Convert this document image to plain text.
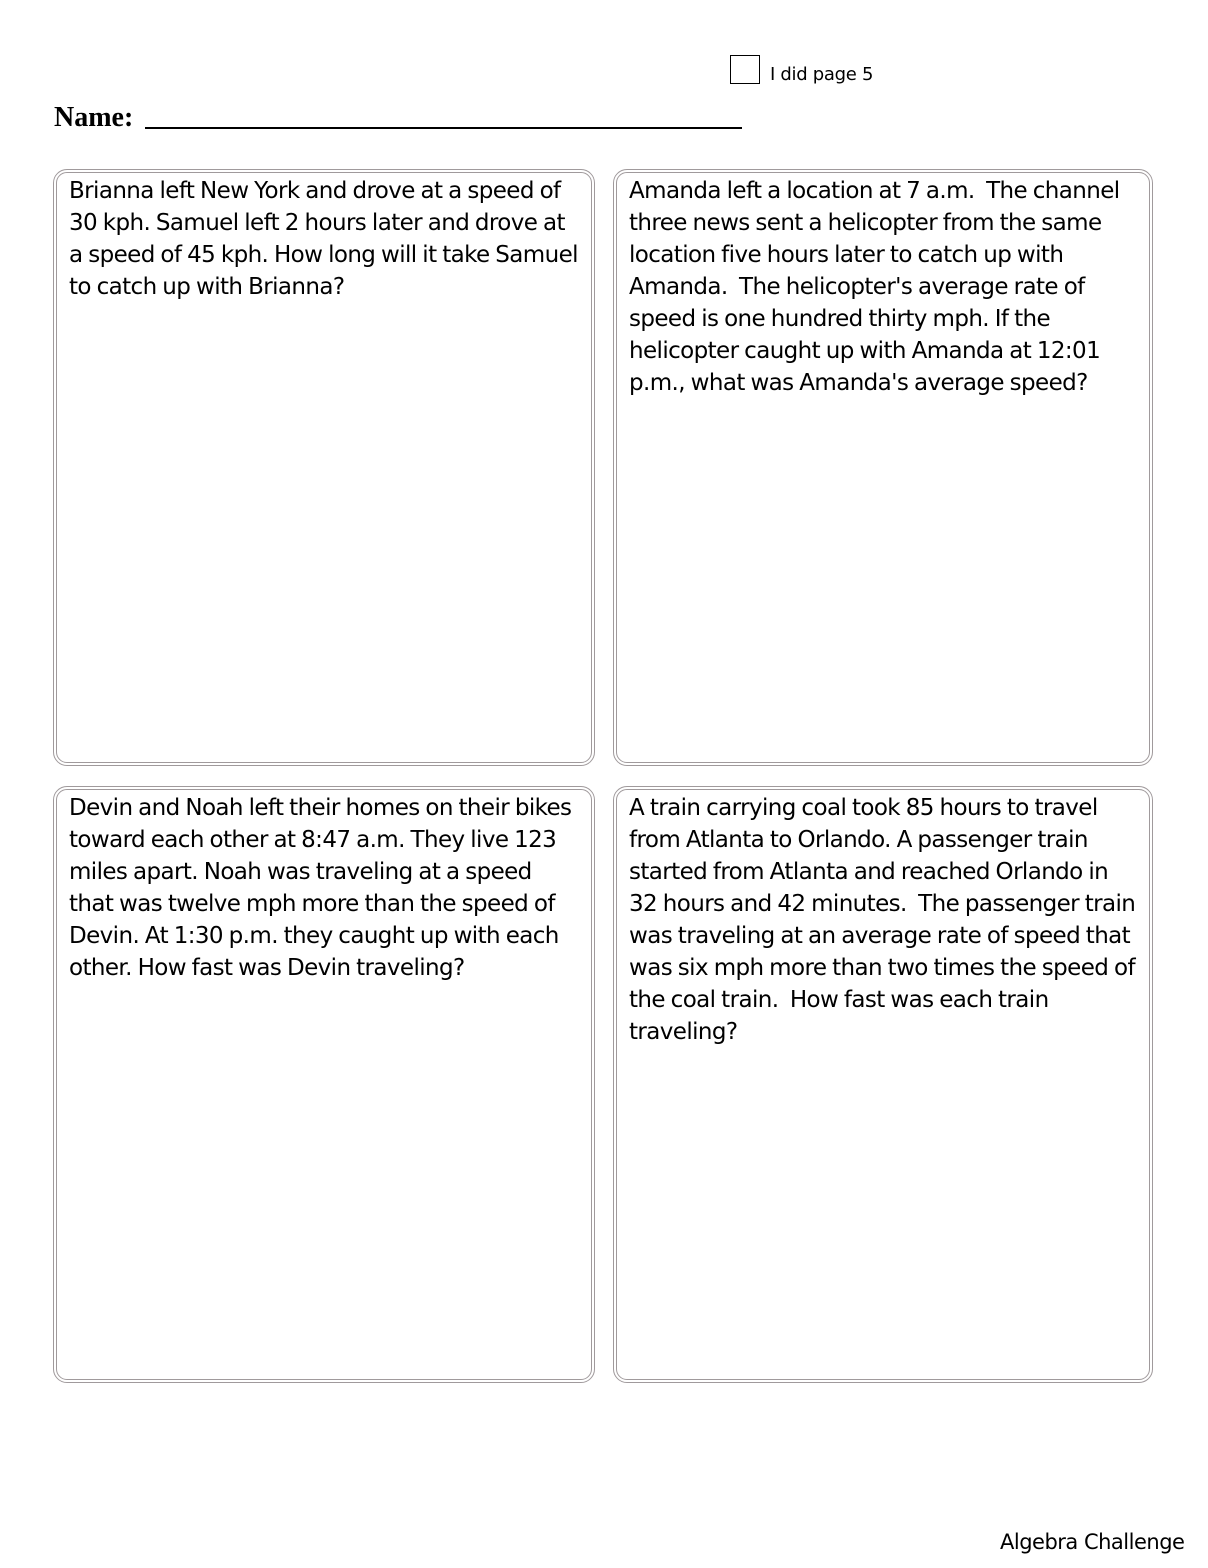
I did page 5
Name:
Brianna left New York and drove at a speed of 30 kph. Samuel left 2 hours later and drove at a speed of 45 kph. How long will it take Samuel to catch up with Brianna?
Amanda left a location at 7 a.m.  The channel three news sent a helicopter from the same location five hours later to catch up with Amanda.  The helicopter's average rate of speed is one hundred thirty mph. If the helicopter caught up with Amanda at 12:01 p.m., what was Amanda's average speed?
Devin and Noah left their homes on their bikes toward each other at 8:47 a.m. They live 123 miles apart. Noah was traveling at a speed that was twelve mph more than the speed of Devin. At 1:30 p.m. they caught up with each other. How fast was Devin traveling?
A train carrying coal took 85 hours to travel from Atlanta to Orlando. A passenger train started from Atlanta and reached Orlando in 32 hours and 42 minutes.  The passenger train was traveling at an average rate of speed that was six mph more than two times the speed of the coal train.  How fast was each train traveling?
Algebra Challenge
